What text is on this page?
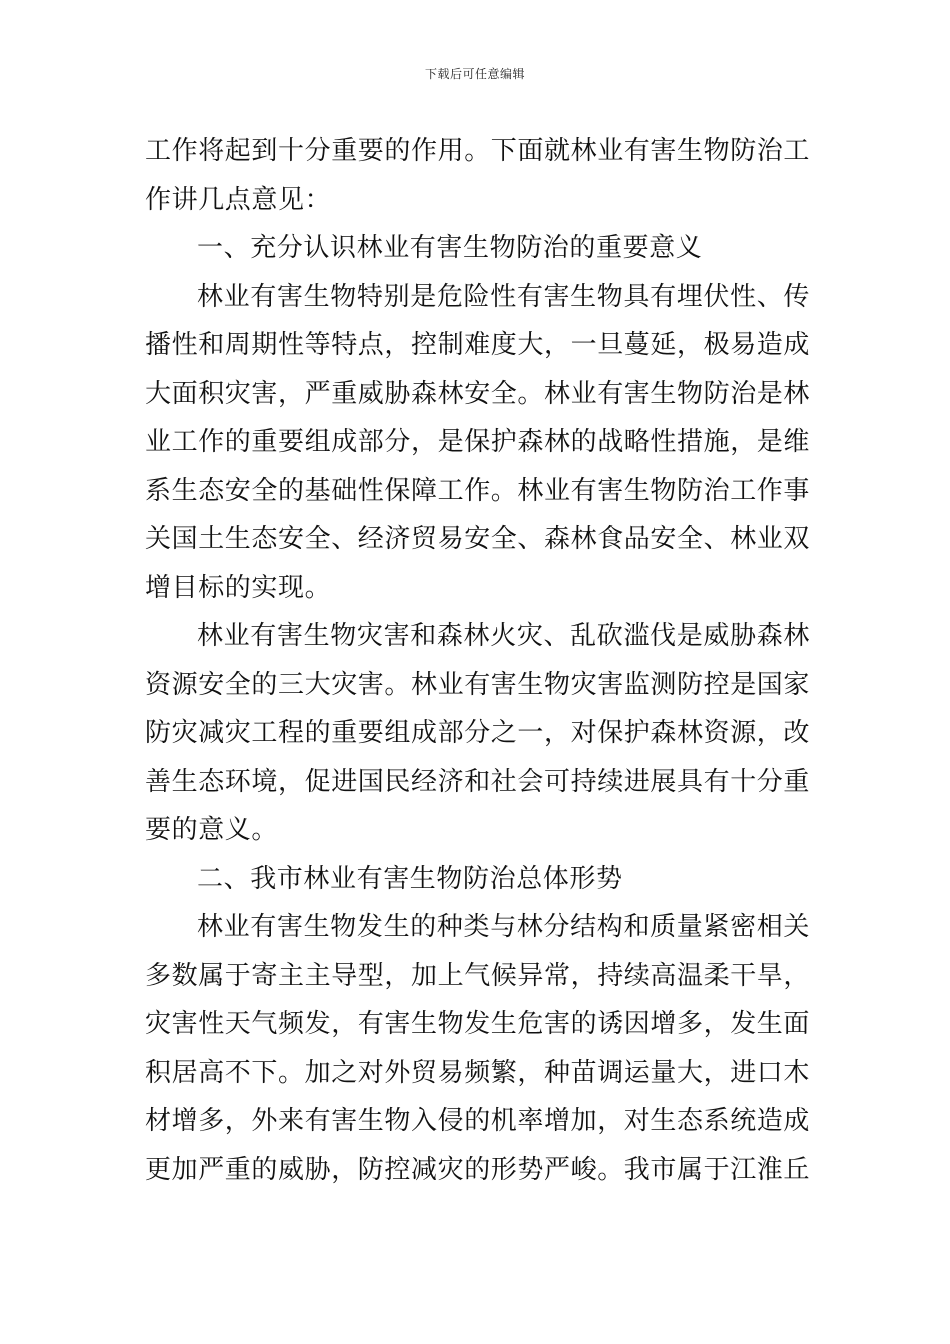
下载后可任意编辑

工作将起到十分重要的作用。下面就林业有害生物防治工作讲几点意见：

一、充分认识林业有害生物防治的重要意义

林业有害生物特别是危险性有害生物具有埋伏性、传播性和周期性等特点，控制难度大，一旦蔓延，极易造成大面积灾害，严重威胁森林安全。林业有害生物防治是林业工作的重要组成部分，是保护森林的战略性措施，是维系生态安全的基础性保障工作。林业有害生物防治工作事关国土生态安全、经济贸易安全、森林食品安全、林业双增目标的实现。

林业有害生物灾害和森林火灾、乱砍滥伐是威胁森林资源安全的三大灾害。林业有害生物灾害监测防控是国家防灾减灾工程的重要组成部分之一，对保护森林资源，改善生态环境，促进国民经济和社会可持续进展具有十分重要的意义。

二、我市林业有害生物防治总体形势

林业有害生物发生的种类与林分结构和质量紧密相关多数属于寄主主导型，加上气候异常，持续高温柔干旱，灾害性天气频发，有害生物发生危害的诱因增多，发生面积居高不下。加之对外贸易频繁，种苗调运量大，进口木材增多，外来有害生物入侵的机率增加，对生态系统造成更加严重的威胁，防控减灾的形势严峻。我市属于江淮丘
